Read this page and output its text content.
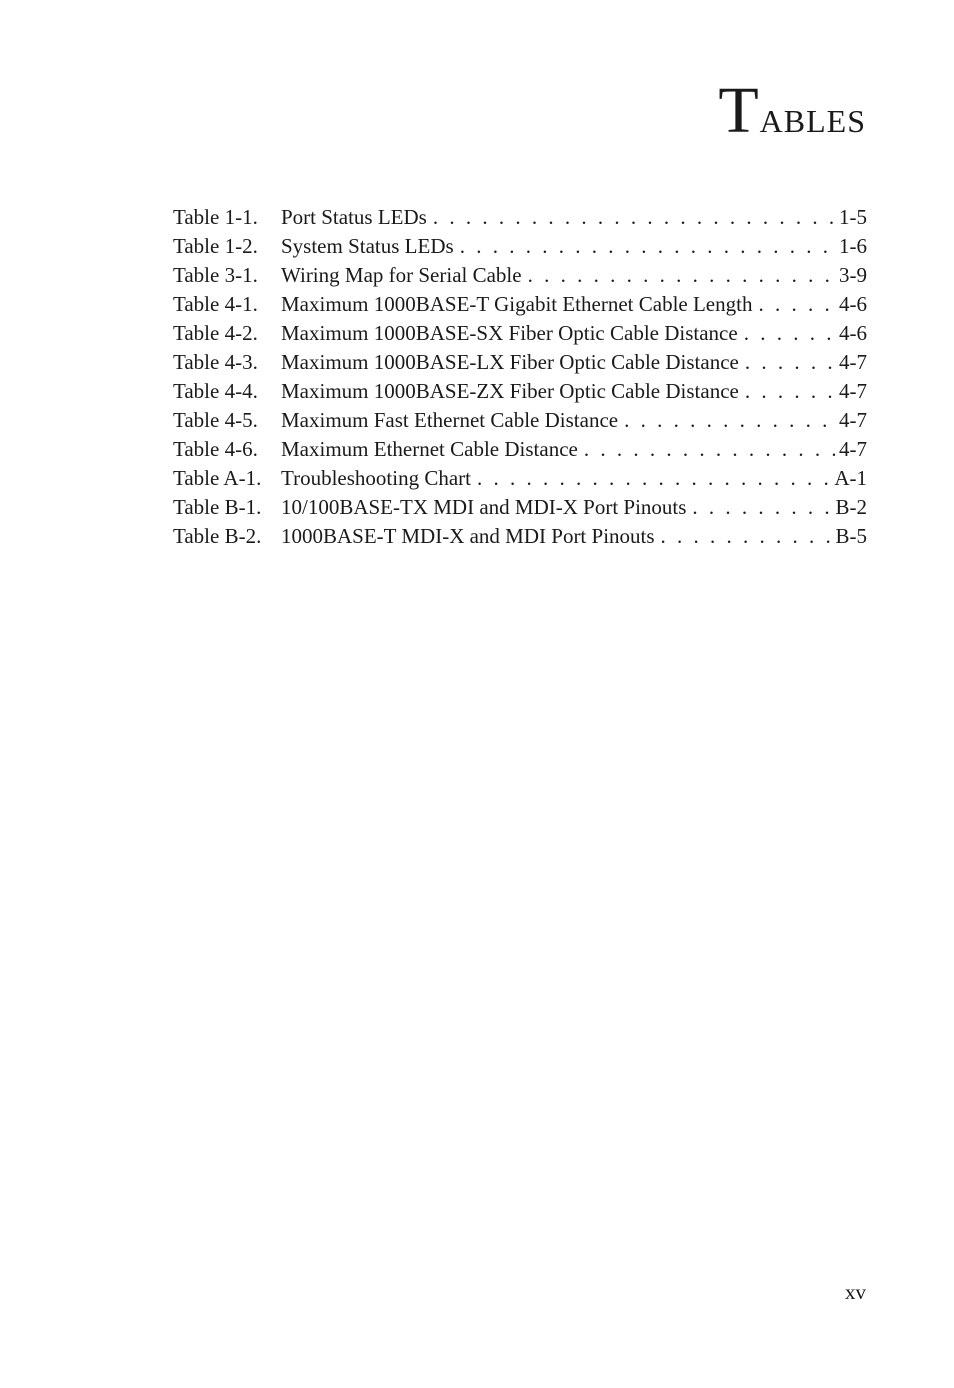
Tables
Table 1-1.	Port Status LEDs . . .	1-5
Table 1-2.	System Status LEDs . . .	1-6
Table 3-1.	Wiring Map for Serial Cable . . .	3-9
Table 4-1.	Maximum 1000BASE-T Gigabit Ethernet Cable Length . . .	4-6
Table 4-2.	Maximum 1000BASE-SX Fiber Optic Cable Distance . . .	4-6
Table 4-3.	Maximum 1000BASE-LX Fiber Optic Cable Distance . . .	4-7
Table 4-4.	Maximum 1000BASE-ZX Fiber Optic Cable Distance . . .	4-7
Table 4-5.	Maximum Fast Ethernet Cable Distance . . .	4-7
Table 4-6.	Maximum Ethernet Cable Distance . . .	4-7
Table A-1. Troubleshooting Chart . . .	A-1
Table B-1. 10/100BASE-TX MDI and MDI-X Port Pinouts . . .	B-2
Table B-2. 1000BASE-T MDI-X and MDI Port Pinouts . . .	B-5
xv
